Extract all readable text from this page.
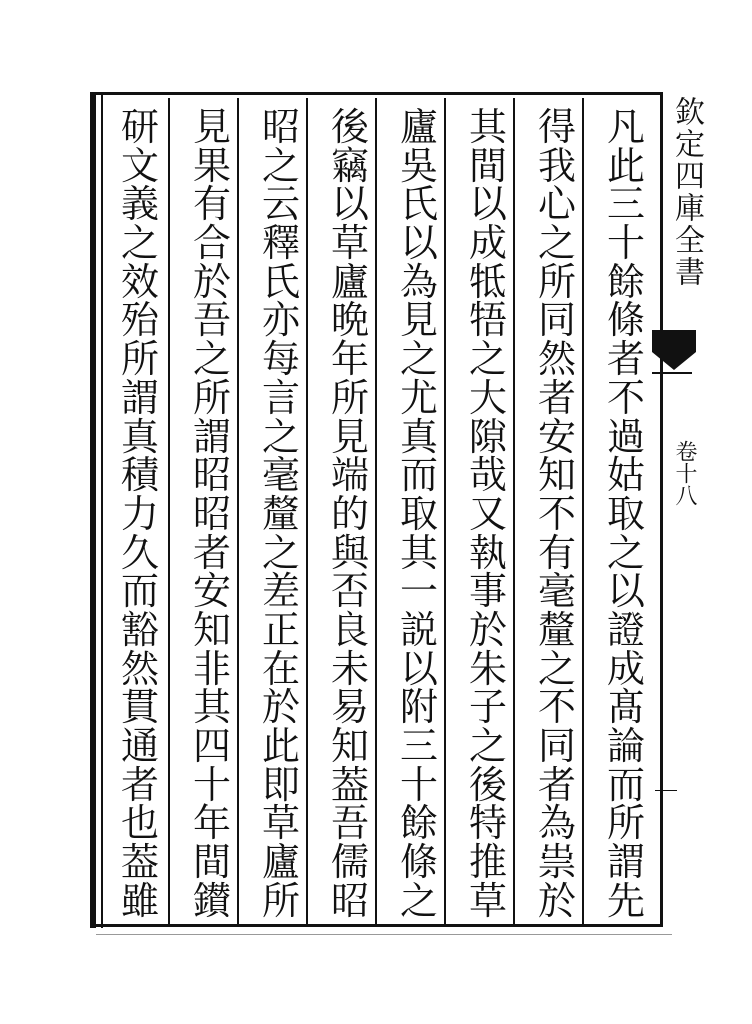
凡
此
三
十
餘
條
者
不
過
姑
取
之
以
證
成
髙
論
而
所
謂
先
得
我
心
之
所
同
然
者
安
知
不
有
毫
釐
之
不
同
者
為
祟
於
其
間
以
成
牴
牾
之
大
隙
哉
又
執
事
於
朱
子
之
後
特
推
草
廬
吳
氏
以
為
見
之
尤
真
而
取
其
一
説
以
附
三
十
餘
條
之
後
竊
以
草
廬
晩
年
所
見
端
的
與
否
良
未
易
知
葢
吾
儒
昭
昭
之
云
釋
氏
亦
每
言
之
毫
釐
之
差
正
在
於
此
即
草
廬
所
見
果
有
合
於
吾
之
所
謂
昭
昭
者
安
知
非
其
四
十
年
間
鑚
研
文
義
之
效
殆
所
謂
真
積
力
久
而
豁
然
貫
通
者
也
葢
雖
欽定四庫全書
卷十八
